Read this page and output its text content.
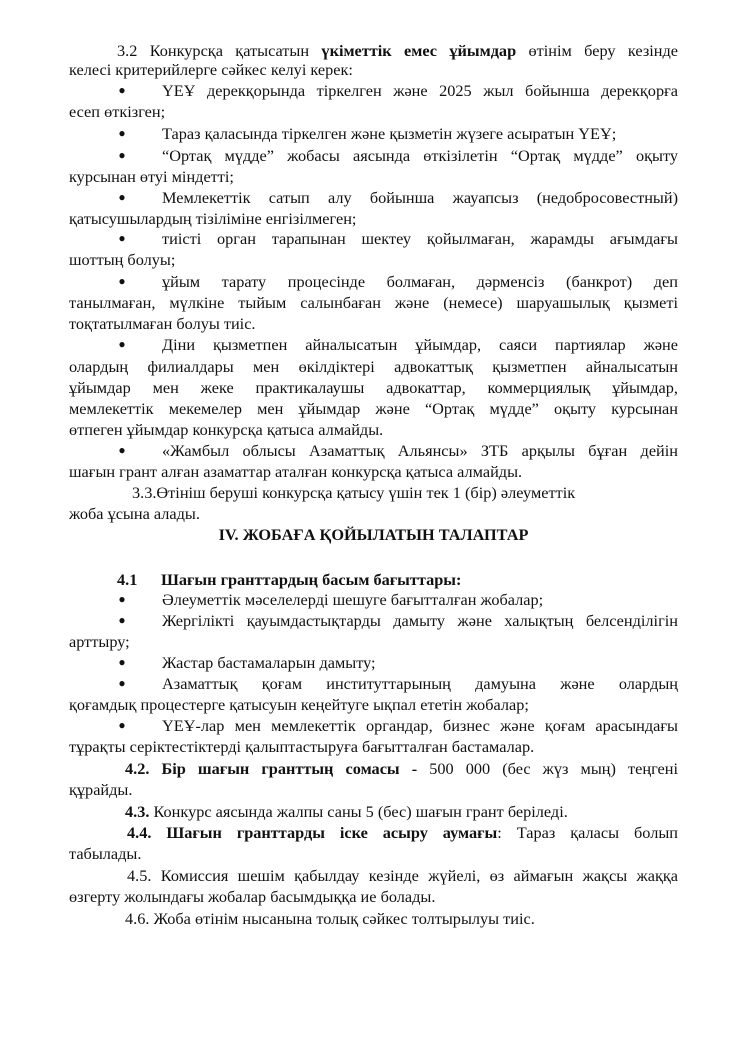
3.2 Конкурсқа қатысатын үкіметтік емес ұйымдар өтінім беру кезінде
келесі критерийлерге сәйкес келуі керек:
● ҮЕҰ дерекқорында тіркелген және 2025 жыл бойынша дерекқорға
есеп өткізген;
● Тараз қаласында тіркелген және қызметін жүзеге асыратын ҮЕҰ;
● “Ортақ мүдде” жобасы аясында өткізілетін “Ортақ мүдде” оқыту
курсынан өтуі міндетті;
● Мемлекеттік сатып алу бойынша жауапсыз (недобросовестный)
қатысушылардың тізіліміне енгізілмеген;
● тиісті орган тарапынан шектеу қойылмаған, жарамды ағымдағы
шоттың болуы;
● ұйым тарату процесінде болмаған, дәрменсіз (банкрот) деп
танылмаған, мүлкіне тыйым салынбаған және (немесе) шаруашылық қызметі
тоқтатылмаған болуы тиіс.
● Діни қызметпен айналысатын ұйымдар, саяси партиялар және
олардың филиалдары мен өкілдіктері адвокаттық қызметпен айналысатын
ұйымдар мен жеке практикалаушы адвокаттар, коммерциялық ұйымдар,
мемлекеттік мекемелер мен ұйымдар және “Ортақ мүдде” оқыту курсынан
өтпеген ұйымдар конкурсқа қатыса алмайды.
● «Жамбыл облысы Азаматтық Альянсы» ЗТБ арқылы бұған дейін
шағын грант алған азаматтар аталған конкурсқа қатыса алмайды.
3.3.Өтініш беруші конкурсқа қатысу үшін тек 1 (бір) әлеуметтік
жоба ұсына алады.
IV. ЖОБАҒА ҚОЙЫЛАТЫН ТАЛАПТАР
4.1 Шағын гранттардың басым бағыттары:
● Әлеуметтік мәселелерді шешуге бағытталған жобалар;
● Жергілікті қауымдастықтарды дамыту және халықтың белсенділігін
арттыру;
● Жастар бастамаларын дамыту;
● Азаматтық қоғам институттарының дамуына және олардың
қоғамдық процестерге қатысуын кеңейтуге ықпал ететін жобалар;
● ҮЕҰ-лар мен мемлекеттік органдар, бизнес және қоғам арасындағы
тұрақты серіктестіктерді қалыптастыруға бағытталған бастамалар.
4.2. Бір шағын гранттың сомасы - 500 000 (бес жүз мың) теңгені
құрайды.
4.3. Конкурс аясында жалпы саны 5 (бес) шағын грант беріледі.
4.4. Шағын гранттарды іске асыру аумағы: Тараз қаласы болып
табылады.
4.5. Комиссия шешім қабылдау кезінде жүйелі, өз аймағын жақсы жаққа
өзгерту жолындағы жобалар басымдыққа ие болады.
4.6. Жоба өтінім нысанына толық сәйкес толтырылуы тиіс.
